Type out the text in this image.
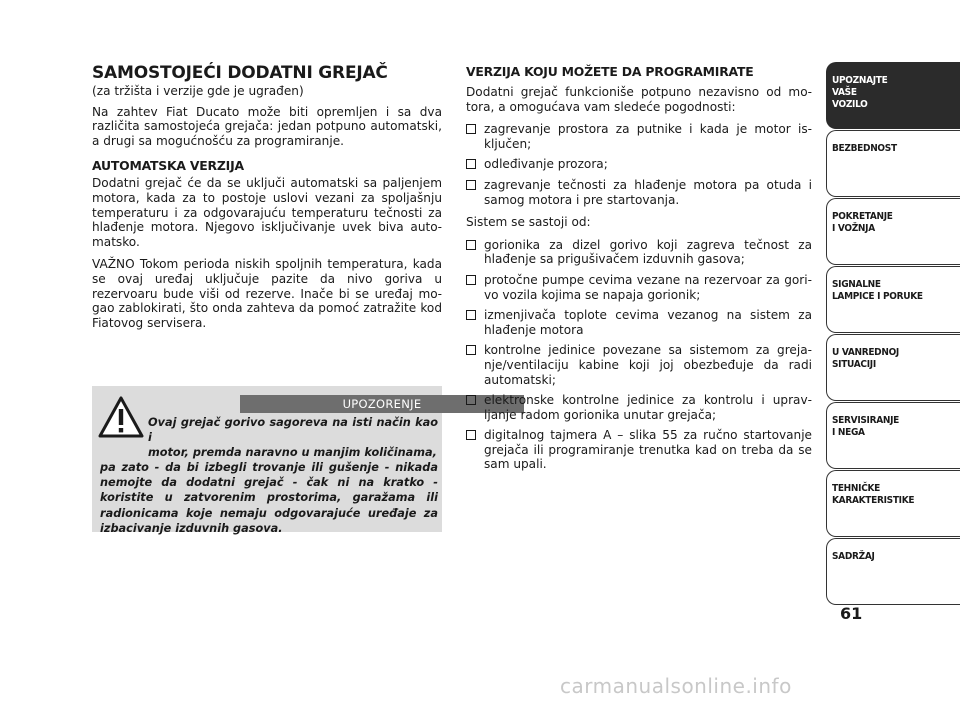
SAMOSTOJEĆI DODATNI GREJAČ

(za tržišta i verzije gde je ugrađen)

Na zahtev Fiat Ducato može biti opremljen i sa dva različita samostojeća grejača: jedan potpuno automatski, a drugi sa mogućnošću za programiranje.

AUTOMATSKA VERZIJA

Dodatni grejač će da se uključi automatski sa paljenjem motora, kada za to postoje uslovi vezani za spoljašnju temperaturu i za odgovarajuću temperaturu tečnosti za hlađenje motora. Njegovo isključivanje uvek biva automatsko.

VAŽNO Tokom perioda niskih spoljnih temperatura, kada se ovaj uređaj uključuje pazite da nivo goriva u rezervoaru bude viši od rezerve. Inače bi se uređaj mogao zablokirati, što onda zahteva da pomoć zatražite kod Fiatovog servisera.

UPOZORENJE
Ovaj grejač gorivo sagoreva na isti način kao i
motor, premda naravno u manjim količinama,
pa zato - da bi izbegli trovanje ili gušenje - nikada nemojte da dodatni grejač - čak ni na kratko - koristite u zatvorenim prostorima, garažama ili radionicama koje nemaju odgovarajuće uređaje za izbacivanje izduvnih gasova.
VERZIJA KOJU MOŽETE DA PROGRAMIRATE

Dodatni grejač funkcioniše potpuno nezavisno od motora, a omogućava vam sledeće pogodnosti:

zagrevanje prostora za putnike i kada je motor isključen;
odleđivanje prozora;
zagrevanje tečnosti za hlađenje motora pa otuda i samog motora i pre startovanja.

Sistem se sastoji od:

gorionika za dizel gorivo koji zagreva tečnost za hlađenje sa prigušivačem izduvnih gasova;
protočne pumpe cevima vezane na rezervoar za gorivo vozila kojima se napaja gorionik;
izmenjivača toplote cevima vezanog na sistem za hlađenje motora
kontrolne jedinice povezane sa sistemom za grejanje/ventilaciju kabine koji joj obezbeđuje da radi automatski;
elektronske kontrolne jedinice za kontrolu i upravljanje radom gorionika unutar grejača;
digitalnog tajmera A – slika 55 za ručno startovanje grejača ili programiranje trenutka kad on treba da se sam upali.
UPOZNAJTE
VAŠE
VOZILO
BEZBEDNOST
POKRETANJE
I VOŽNJA
SIGNALNE
LAMPICE I PORUKE
U VANREDNOJ
SITUACIJI
SERVISIRANJE
I NEGA
TEHNIČKE
KARAKTERISTIKE
SADRŽAJ
61
carmanualsonline.info
